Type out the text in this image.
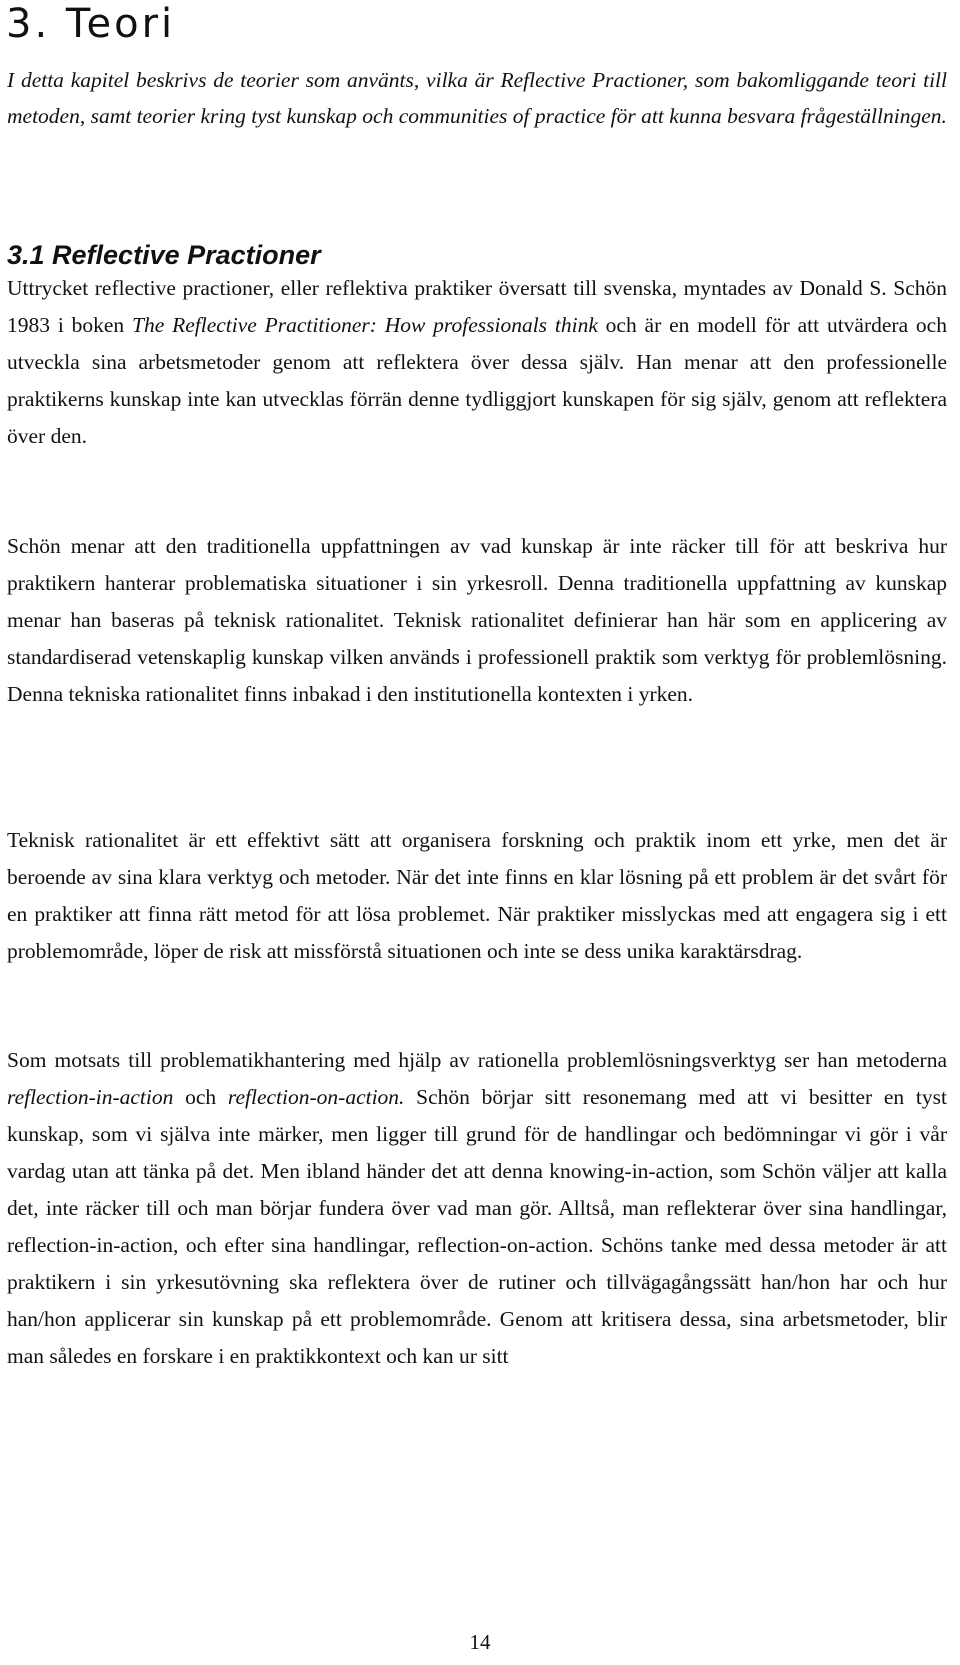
3. Teori

I detta kapitel beskrivs de teorier som använts, vilka är Reflective Practioner, som bakomliggande teori till metoden, samt teorier kring tyst kunskap och communities of practice för att kunna besvara frågeställningen.

3.1 Reflective Practioner

Uttrycket reflective practioner, eller reflektiva praktiker översatt till svenska, myntades av Donald S. Schön 1983 i boken The Reflective Practitioner: How professionals think och är en modell för att utvärdera och utveckla sina arbetsmetoder genom att reflektera över dessa själv. Han menar att den professionelle praktikerns kunskap inte kan utvecklas förrän denne tydliggjort kunskapen för sig själv, genom att reflektera över den.

Schön menar att den traditionella uppfattningen av vad kunskap är inte räcker till för att beskriva hur praktikern hanterar problematiska situationer i sin yrkesroll. Denna traditionella uppfattning av kunskap menar han baseras på teknisk rationalitet. Teknisk rationalitet definierar han här som en applicering av standardiserad vetenskaplig kunskap vilken används i professionell praktik som verktyg för problemlösning. Denna tekniska rationalitet finns inbakad i den institutionella kontexten i yrken.

Teknisk rationalitet är ett effektivt sätt att organisera forskning och praktik inom ett yrke, men det är beroende av sina klara verktyg och metoder. När det inte finns en klar lösning på ett problem är det svårt för en praktiker att finna rätt metod för att lösa problemet. När praktiker misslyckas med att engagera sig i ett problemområde, löper de risk att missförstå situationen och inte se dess unika karaktärsdrag.

Som motsats till problematikhantering med hjälp av rationella problemlösningsverktyg ser han metoderna reflection-in-action och reflection-on-action. Schön börjar sitt resonemang med att vi besitter en tyst kunskap, som vi själva inte märker, men ligger till grund för de handlingar och bedömningar vi gör i vår vardag utan att tänka på det. Men ibland händer det att denna knowing-in-action, som Schön väljer att kalla det, inte räcker till och man börjar fundera över vad man gör. Alltså, man reflekterar över sina handlingar, reflection-in-action, och efter sina handlingar, reflection-on-action. Schöns tanke med dessa metoder är att praktikern i sin yrkesutövning ska reflektera över de rutiner och tillvägagångssätt han/hon har och hur han/hon applicerar sin kunskap på ett problemområde. Genom att kritisera dessa, sina arbetsmetoder, blir man således en forskare i en praktikkontext och kan ur sitt

14
